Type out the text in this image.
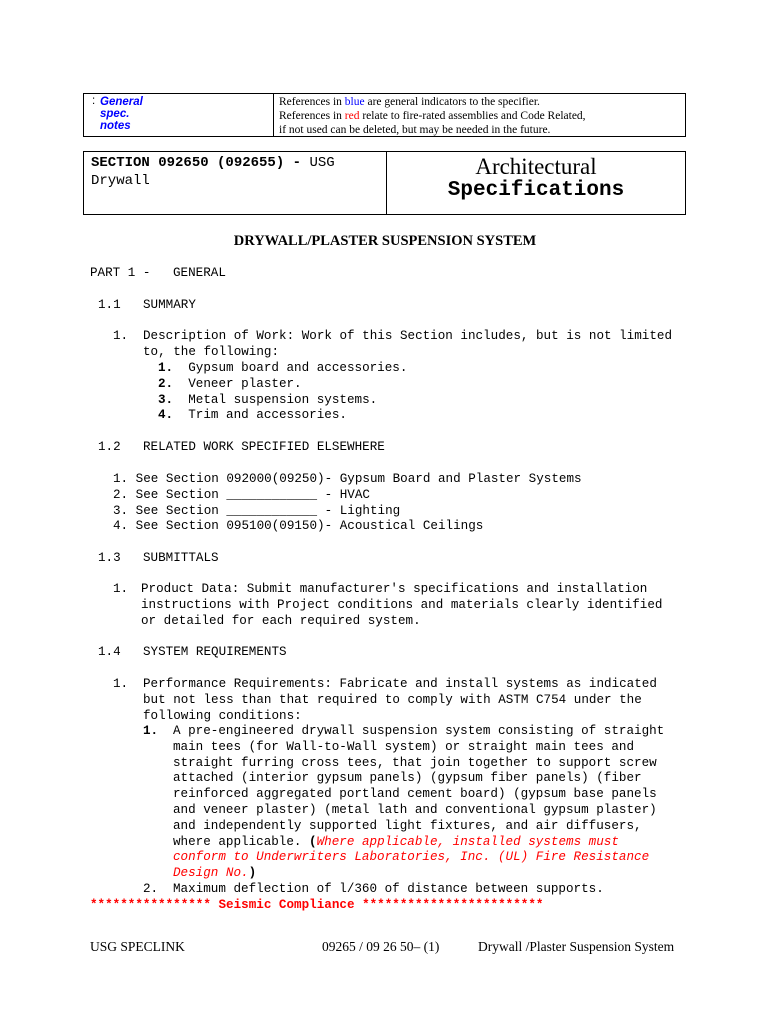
General spec. notes
:	References in blue are general indicators to the specifier.
References in red relate to fire-rated assemblies and Code Related,
if not used can be deleted, but may be needed in the future.
SECTION 092650 (092655) - USG
Drywall
Architectural
Specifications
DRYWALL/PLASTER SUSPENSION SYSTEM
PART 1 - GENERAL
1.1 SUMMARY
1. Description of Work: Work of this Section includes, but is not limited
to, the following:
1. Gypsum board and accessories.
2. Veneer plaster.
3. Metal suspension systems.
4. Trim and accessories.
1.2 RELATED WORK SPECIFIED ELSEWHERE
1. See Section 092000(09250)- Gypsum Board and Plaster Systems
2. See Section ____________ - HVAC
3. See Section ____________ - Lighting
4. See Section 095100(09150)- Acoustical Ceilings
1.3 SUBMITTALS
1. Product Data: Submit manufacturer's specifications and installation
instructions with Project conditions and materials clearly identified
or detailed for each required system.
1.4 SYSTEM REQUIREMENTS
1. Performance Requirements: Fabricate and install systems as indicated
but not less than that required to comply with ASTM C754 under the
following conditions:
1. A pre-engineered drywall suspension system consisting of straight
main tees (for Wall-to-Wall system) or straight main tees and
straight furring cross tees, that join together to support screw
attached (interior gypsum panels) (gypsum fiber panels) (fiber
reinforced aggregated portland cement board) (gypsum base panels
and veneer plaster) (metal lath and conventional gypsum plaster)
and independently supported light fixtures, and air diffusers,
where applicable. (Where applicable, installed systems must
conform to Underwriters Laboratories, Inc. (UL) Fire Resistance
Design No.)
2. Maximum deflection of l/360 of distance between supports.
**************** Seismic Compliance ************************
USG SPECLINK	09265 / 09 26 50– (1)	Drywall /Plaster Suspension System
